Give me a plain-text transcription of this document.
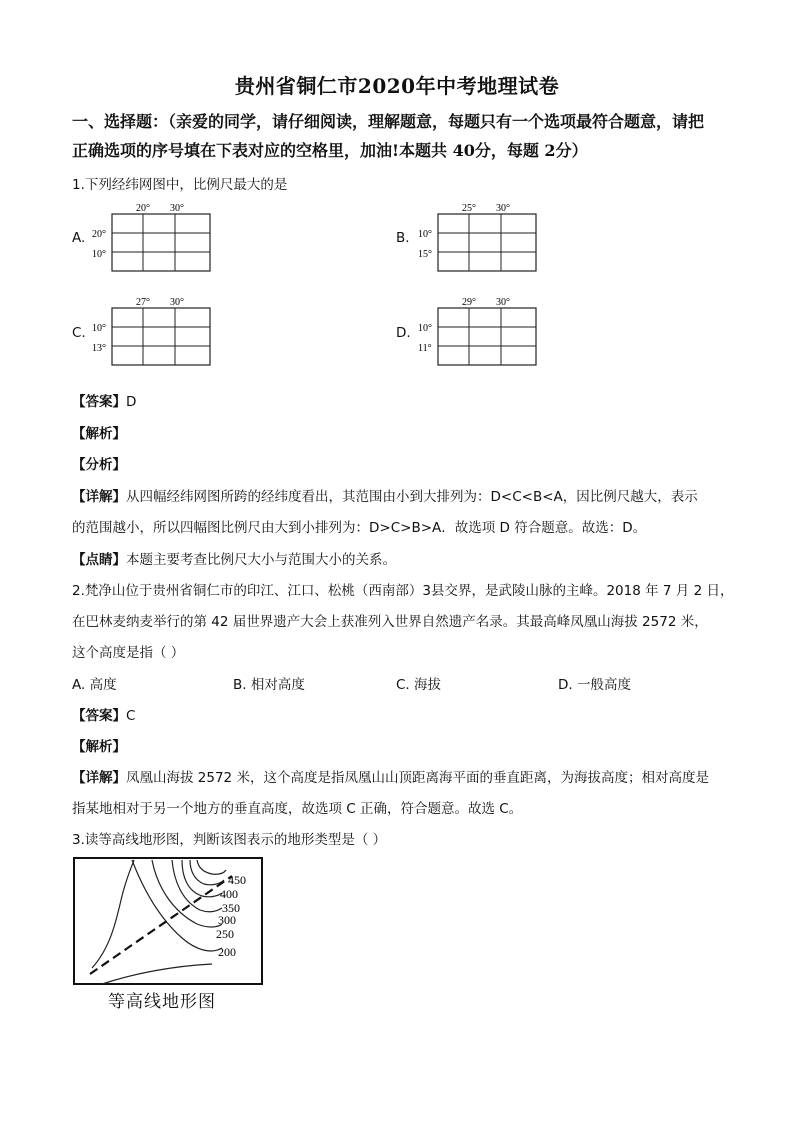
贵州省铜仁市2020年中考地理试卷
一、选择题：（亲爱的同学，请仔细阅读，理解题意，每题只有一个选项最符合题意，请把
正确选项的序号填在下表对应的空格里，加油!本题共 40分，每题 2分）
1.下列经纬网图中，比例尺最大的是
A.
20° 30°
20°
10°
B.
25° 30°
10°
15°
C.
27° 30°
10°
13°
D.
29° 30°
10°
11°
【答案】D
【解析】
【分析】
【详解】从四幅经纬网图所跨的经纬度看出，其范围由小到大排列为：D<C<B<A，因比例尺越大，表示
的范围越小，所以四幅图比例尺由大到小排列为：D>C>B>A．故选项 D 符合题意。故选：D。
【点睛】本题主要考查比例尺大小与范围大小的关系。
2.梵净山位于贵州省铜仁市的印江、江口、松桃（西南部）3县交界，是武陵山脉的主峰。2018 年 7 月 2 日，
在巴林麦纳麦举行的第 42 届世界遗产大会上获准列入世界自然遗产名录。其最高峰凤凰山海拔 2572 米，
这个高度是指（ ）
A. 高度	B. 相对高度	C. 海拔	D. 一般高度
【答案】C
【解析】
【详解】凤凰山海拔 2572 米，这个高度是指凤凰山山顶距离海平面的垂直距离，为海拔高度；相对高度是
指某地相对于另一个地方的垂直高度，故选项 C 正确，符合题意。故选 C。
3.读等高线地形图，判断该图表示的地形类型是（ ）
450
400
350
300
250
200
等高线地形图
